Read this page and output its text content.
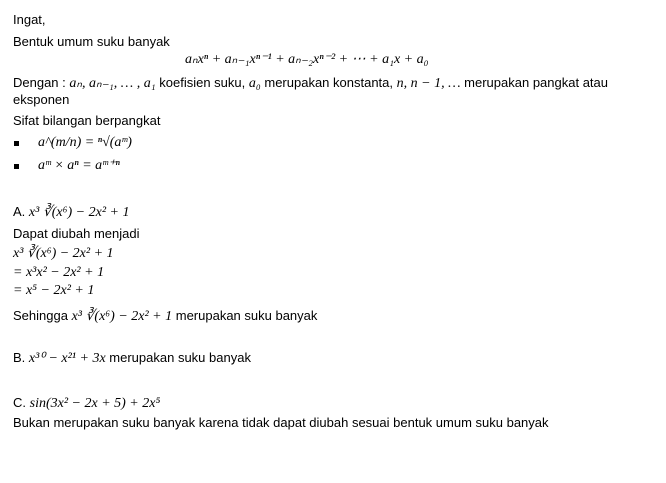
Ingat,
Bentuk umum suku banyak
aₙxⁿ + aₙ₋₁xⁿ⁻¹ + aₙ₋₂xⁿ⁻² + ⋯ + a₁x + a₀
Dengan : aₙ, aₙ₋₁, … , a₁ koefisien suku, a₀ merupakan konstanta, n, n − 1, … merupakan pangkat atau
eksponen
Sifat bilangan berpangkat
a^(m/n) = ⁿ√(aᵐ)
aᵐ × aⁿ = aᵐ⁺ⁿ
A. x³ ∛(x⁶) − 2x² + 1
Dapat diubah menjadi
x³ ∛(x⁶) − 2x² + 1
= x³x² − 2x² + 1
= x⁵ − 2x² + 1
Sehingga x³ ∛(x⁶) − 2x² + 1 merupakan suku banyak
B. x³⁰ − x²¹ + 3x merupakan suku banyak
C. sin(3x² − 2x + 5) + 2x⁵
Bukan merupakan suku banyak karena tidak dapat diubah sesuai bentuk umum suku banyak
